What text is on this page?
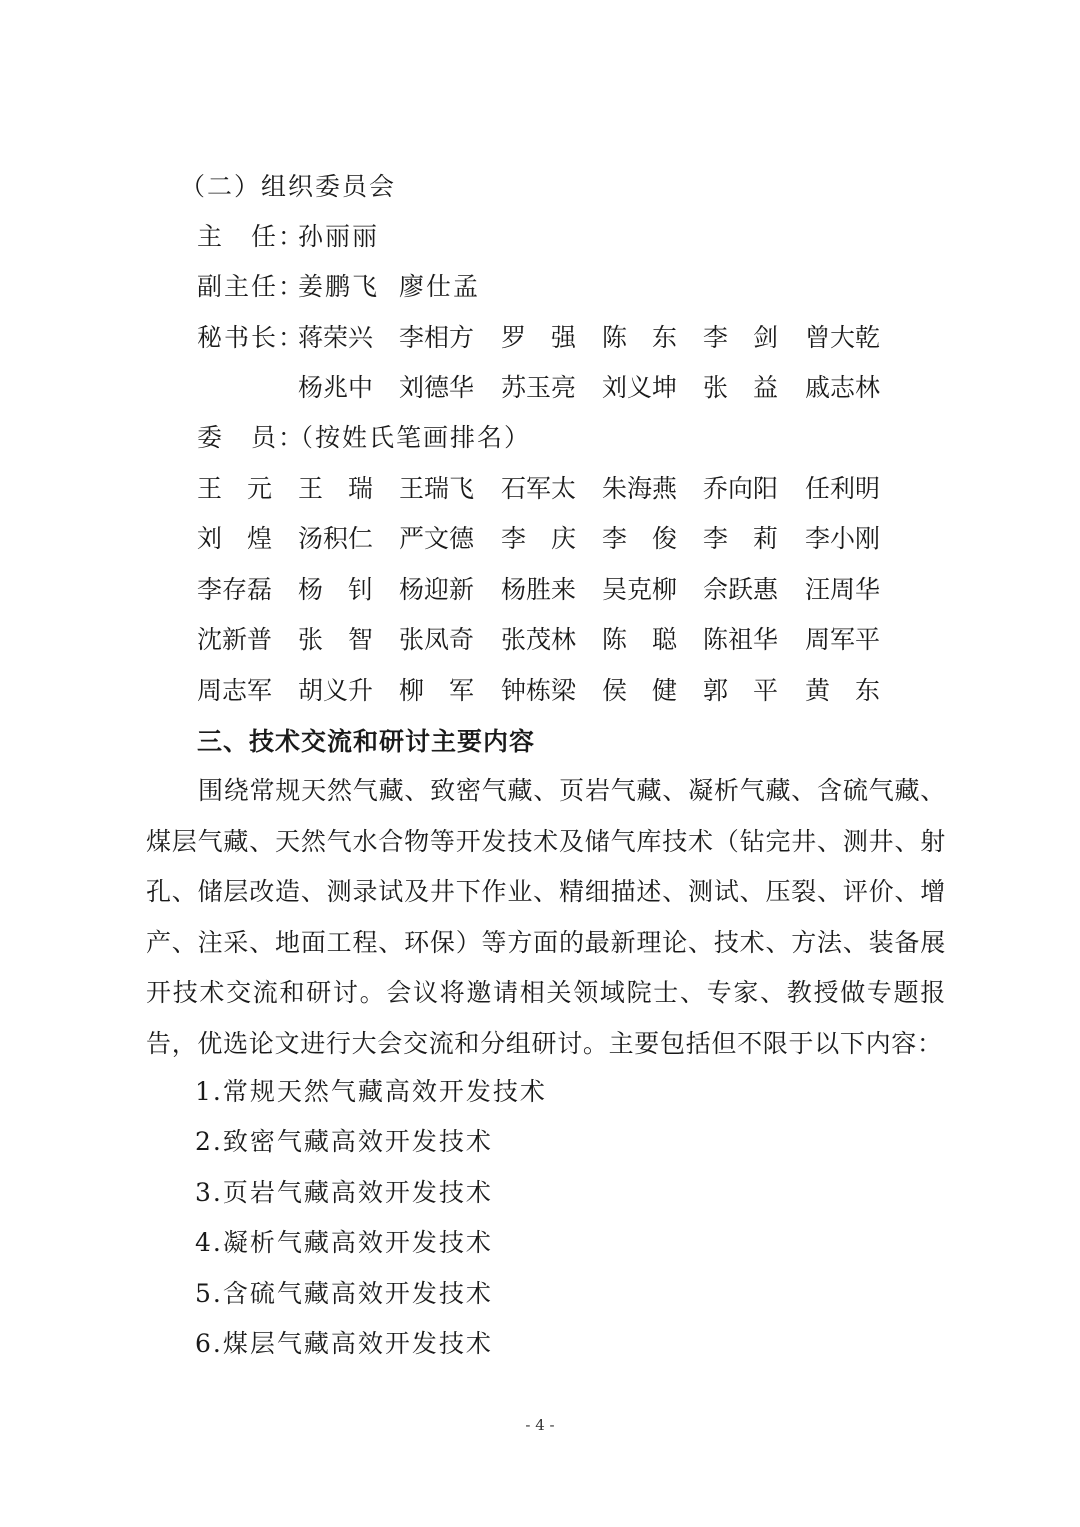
（二）组织委员会
主　任：
孙丽丽
副主任：
姜鹏飞 廖仕孟
秘书长：
蒋荣兴 李相方 罗　强 陈　东 李　剑 曾大乾
杨兆中 刘德华 苏玉亮 刘义坤 张　益 戚志林
委　员：
（按姓氏笔画排名）
王　元 王　瑞 王瑞飞 石军太 朱海燕 乔向阳 任利明
刘　煌 汤积仁 严文德 李　庆 李　俊 李　莉 李小刚
李存磊 杨　钊 杨迎新 杨胜来 吴克柳 佘跃惠 汪周华
沈新普 张　智 张凤奇 张茂林 陈　聪 陈祖华 周军平
周志军 胡义升 柳　军 钟栋梁 侯　健 郭　平 黄　东
三、技术交流和研讨主要内容
围绕常规天然气藏、致密气藏、页岩气藏、凝析气藏、含硫气藏、煤层气藏、天然气水合物等开发技术及储气库技术（钻完井、测井、射孔、储层改造、测录试及井下作业、精细描述、测试、压裂、评价、增产、注采、地面工程、环保）等方面的最新理论、技术、方法、装备展开技术交流和研讨。会议将邀请相关领域院士、专家、教授做专题报告，优选论文进行大会交流和分组研讨。主要包括但不限于以下内容：
1.常规天然气藏高效开发技术
2.致密气藏高效开发技术
3.页岩气藏高效开发技术
4.凝析气藏高效开发技术
5.含硫气藏高效开发技术
6.煤层气藏高效开发技术
- 4 -
